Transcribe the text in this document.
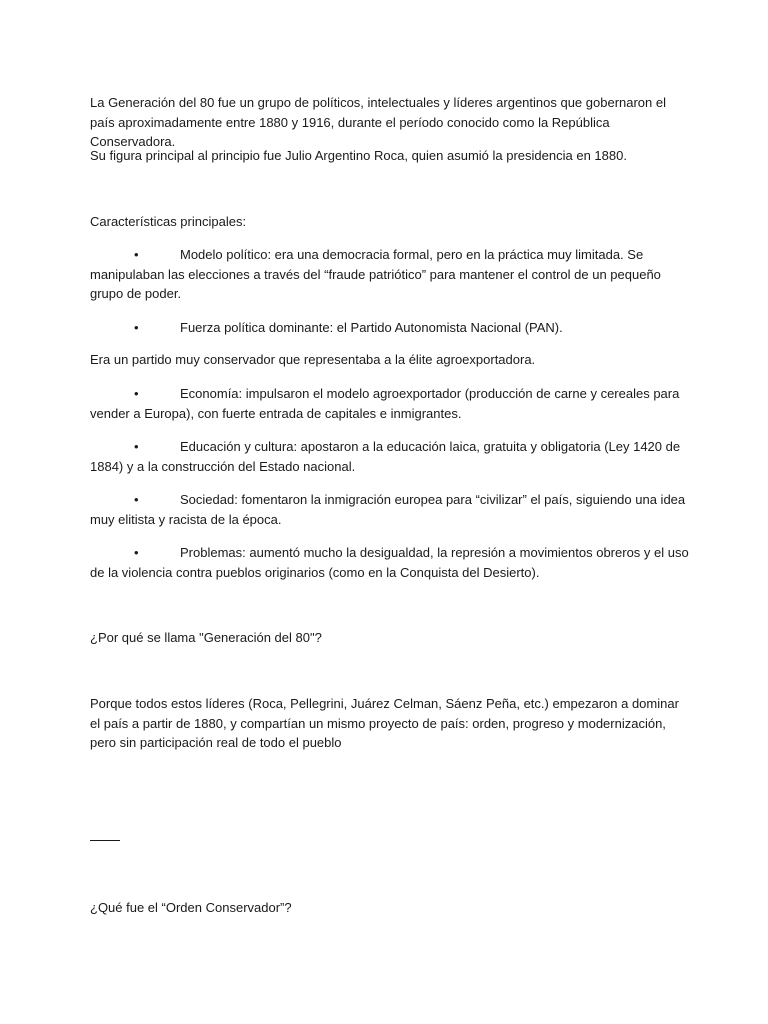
La Generación del 80 fue un grupo de políticos, intelectuales y líderes argentinos que gobernaron el país aproximadamente entre 1880 y 1916, durante el período conocido como la República Conservadora.

Su figura principal al principio fue Julio Argentino Roca, quien asumió la presidencia en 1880.

Características principales:

•	Modelo político: era una democracia formal, pero en la práctica muy limitada. Se manipulaban las elecciones a través del “fraude patriótico” para mantener el control de un pequeño grupo de poder.

•	Fuerza política dominante: el Partido Autonomista Nacional (PAN).

Era un partido muy conservador que representaba a la élite agroexportadora.

•	Economía: impulsaron el modelo agroexportador (producción de carne y cereales para vender a Europa), con fuerte entrada de capitales e inmigrantes.

•	Educación y cultura: apostaron a la educación laica, gratuita y obligatoria (Ley 1420 de 1884) y a la construcción del Estado nacional.

•	Sociedad: fomentaron la inmigración europea para “civilizar” el país, siguiendo una idea muy elitista y racista de la época.

•	Problemas: aumentó mucho la desigualdad, la represión a movimientos obreros y el uso de la violencia contra pueblos originarios (como en la Conquista del Desierto).

¿Por qué se llama "Generación del 80"?

Porque todos estos líderes (Roca, Pellegrini, Juárez Celman, Sáenz Peña, etc.) empezaron a dominar el país a partir de 1880, y compartían un mismo proyecto de país: orden, progreso y modernización, pero sin participación real de todo el pueblo

¿Qué fue el “Orden Conservador”?
